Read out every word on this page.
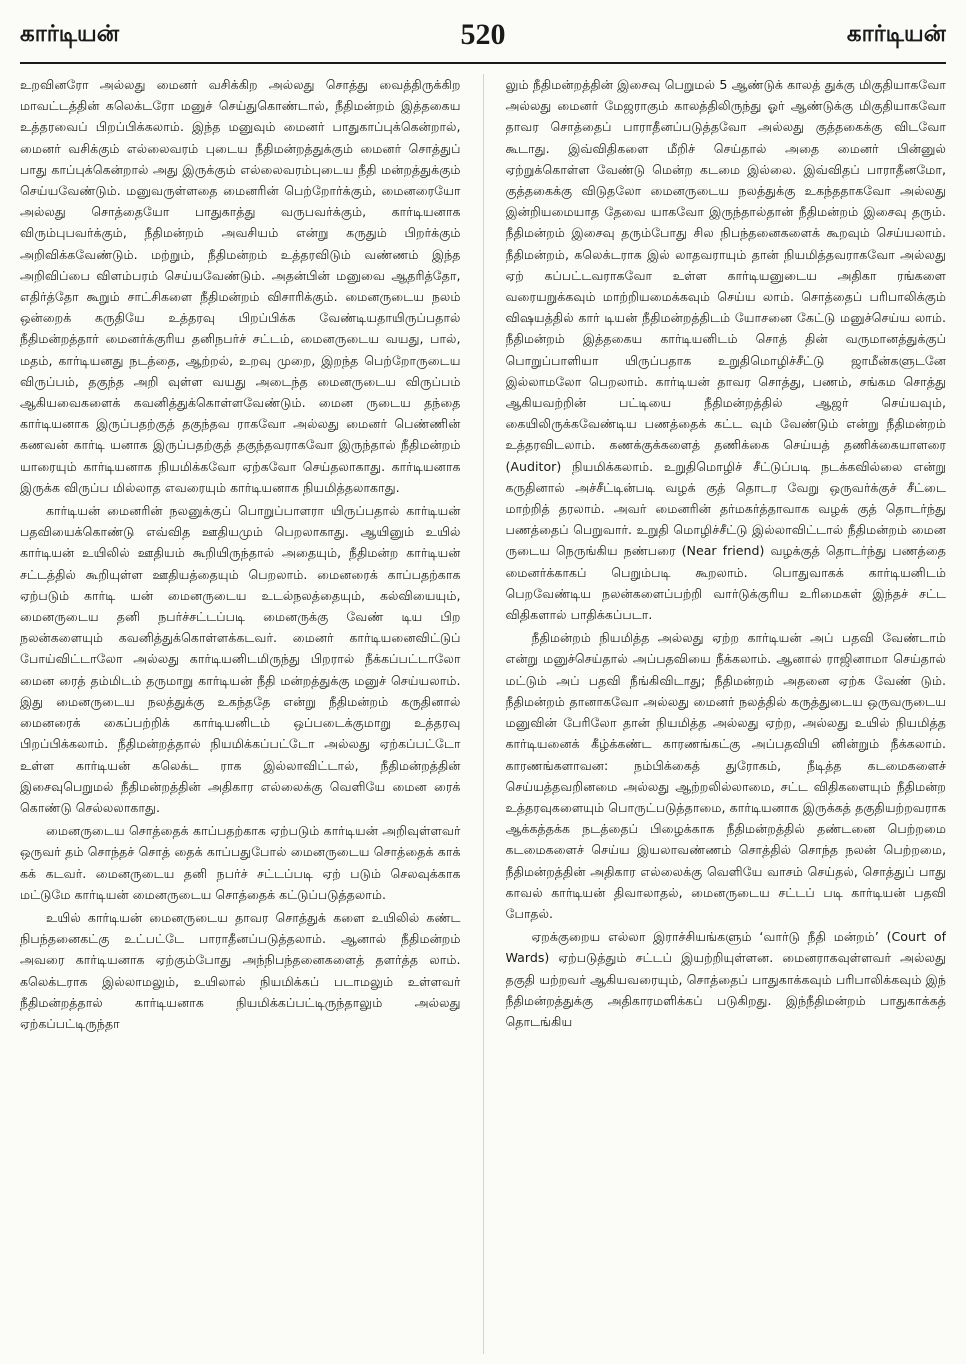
கார்டியன்	520	கார்டியன்

உறவினரோ அல்லது மைனர் வசிக்கிற அல்லது சொத்து வைத்திருக்கிற மாவட்டத்தின் கலெக்டரோ மனுச் செய்துகொண்டால், நீதிமன்றம் இத்தகைய உத்தரவைப் பிறப்பிக்கலாம். இந்த மனுவும் மைனர் பாதுகாப்புக்கென்றால், மைனர் வசிக்கும் எல்லைவரம் புடைய நீதிமன்றத்துக்கும் மைனர் சொத்துப் பாது காப்புக்கென்றால் அது இருக்கும் எல்லைவரம்புடைய நீதி மன்றத்துக்கும் செய்யவேண்டும். மனுவருள்ளதை மைனரின் பெற்றோர்க்கும், மைனரையோ அல்லது சொத்தையோ பாதுகாத்து வருபவர்க்கும், கார்டியனாக விரும்புபவர்க்கும், நீதிமன்றம் அவசியம் என்று கருதும் பிறர்க்கும் அறிவிக்கவேண்டும். மற்றும், நீதிமன்றம் உத்தரவிடும் வண்ணம் இந்த அறிவிப்பை விளம்பரம் செய்யவேண்டும். அதன்பின் மனுவை ஆதரித்தோ, எதிர்த்தோ கூறும் சாட்சிகளை நீதிமன்றம் விசாரிக்கும். மைனருடைய நலம் ஒன்றைக் கருதியே உத்தரவு பிறப்பிக்க வேண்டியதாயிருப்பதால் நீதிமன்றத்தார் மைனர்க்குரிய தனிநபர்ச் சட்டம், மைனருடைய வயது, பால், மதம், கார்டியனது நடத்தை, ஆற்றல், உறவு முறை, இறந்த பெற்றோருடைய விருப்பம், தகுந்த அறி வுள்ள வயது அடைந்த மைனருடைய விருப்பம் ஆகியவைகளைக் கவனித்துக்கொள்ளவேண்டும். மைன ருடைய தந்தை கார்டியனாக இருப்பதற்குத் தகுந்தவ ராகவோ அல்லது மைனர் பெண்ணின் கணவன் கார்டி யனாக இருப்பதற்குத் தகுந்தவராகவோ இருந்தால் நீதிமன்றம் யாரையும் கார்டியனாக நியமிக்கவோ ஏற்கவோ செய்தலாகாது. கார்டியனாக இருக்க விருப்ப மில்லாத எவரையும் கார்டியனாக நியமித்தலாகாது.

கார்டியன் மைனரின் நலனுக்குப் பொறுப்பாளரா யிருப்பதால் கார்டியன் பதவியைக்கொண்டு எவ்வித ஊதியமும் பெறலாகாது. ஆயினும் உயில் கார்டியன் உயிலில் ஊதியம் கூறியிருந்தால் அதையும், நீதிமன்ற கார்டியன் சட்டத்தில் கூறியுள்ள ஊதியத்தையும் பெறலாம். மைனரைக் காப்பதற்காக ஏற்படும் கார்டி யன் மைனருடைய உடல்நலத்தையும், கல்வியையும், மைனருடைய தனி நபர்ச்சட்டப்படி மைனருக்கு வேண் டிய பிற நலன்களையும் கவனித்துக்கொள்ளக்கடவர். மைனர் கார்டியனைவிட்டுப் போய்விட்டாலோ அல்லது கார்டியனிடமிருந்து பிறரால் நீக்கப்பட்டாலோ மைன ரைத் தம்மிடம் தருமாறு கார்டியன் நீதி மன்றத்துக்கு மனுச் செய்யலாம். இது மைனருடைய நலத்துக்கு உகந்ததே என்று நீதிமன்றம் கருதினால் மைனரைக் கைப்பற்றிக் கார்டியனிடம் ஒப்படைக்குமாறு உத்தரவு பிறப்பிக்கலாம். நீதிமன்றத்தால் நியமிக்கப்பட்டோ அல்லது ஏற்கப்பட்டோ உள்ள கார்டியன் கலெக்ட ராக இல்லாவிட்டால், நீதிமன்றத்தின் இசைவுபெறுமல் நீதிமன்றத்தின் அதிகார எல்லைக்கு வெளியே மைன ரைக் கொண்டு செல்லலாகாது.

மைனருடைய சொத்தைக் காப்பதற்காக ஏற்படும் கார்டியன் அறிவுள்ளவர் ஒருவர் தம் சொந்தச் சொத் தைக் காப்பதுபோல் மைனருடைய சொத்தைக் காக் கக் கடவர். மைனருடைய தனி நபர்ச் சட்டப்படி ஏற் படும் செலவுக்காக மட்டுமே கார்டியன் மைனருடைய சொத்தைக் கட்டுப்படுத்தலாம்.

உயில் கார்டியன் மைனருடைய தாவர சொத்துக் களை உயிலில் கண்ட நிபந்தனைகட்கு உட்பட்டே பாராதீனப்படுத்தலாம். ஆனால் நீதிமன்றம் அவரை கார்டியனாக ஏற்கும்போது அந்நிபந்தனைகளைத் தளர்த்த லாம். கலெக்டராக இல்லாமலும், உயிலால் நியமிக்கப் படாமலும் உள்ளவர் நீதிமன்றத்தால் கார்டியனாக நியமிக்கப்பட்டிருந்தாலும் அல்லது ஏற்கப்பட்டிருந்தா

லும் நீதிமன்றத்தின் இசைவு பெறுமல் 5 ஆண்டுக் காலத் துக்கு மிகுதியாகவோ அல்லது மைனர் மேஜராகும் காலத்திலிருந்து ஓர் ஆண்டுக்கு மிகுதியாகவோ தாவர சொத்தைப் பாராதீனப்படுத்தவோ அல்லது குத்தகைக்கு விடவோ கூடாது. இவ்விதிகளை மீறிச் செய்தால் அதை மைனர் பின்னுல் ஏற்றுக்கொள்ள வேண்டு மென்ற கடமை இல்லை. இவ்விதப் பாராதீனமோ, குத்தகைக்கு விடுதலோ மைனருடைய நலத்துக்கு உகந்ததாகவோ அல்லது இன்றியமையாத தேவை யாகவோ இருந்தால்தான் நீதிமன்றம் இசைவு தரும். நீதிமன்றம் இசைவு தரும்போது சில நிபந்தனைகளைக் கூறவும் செய்யலாம். நீதிமன்றம், கலெக்டராக இல் லாதவராயும் தான் நியமித்தவராகவோ அல்லது ஏற் கப்பட்டவராகவோ உள்ள கார்டியனுடைய அதிகா ரங்களை வரையறுக்கவும் மாற்றியமைக்கவும் செய்ய லாம். சொத்தைப் பரிபாலிக்கும் விஷயத்தில் கார் டியன் நீதிமன்றத்திடம் யோசனை கேட்டு மனுச்செய்ய லாம். நீதிமன்றம் இத்தகைய கார்டியனிடம் சொத் தின் வருமானத்துக்குப் பொறுப்பாளியா யிருப்பதாக உறுதிமொழிச்சீட்டு ஜாமீன்களுடனே இல்லாமலோ பெறலாம். கார்டியன் தாவர சொத்து, பணம், சங்கம சொத்து ஆகியவற்றின் பட்டியை நீதிமன்றத்தில் ஆஜர் செய்யவும், கையிலிருக்கவேண்டிய பணத்தைக் கட்ட வும் வேண்டும் என்று நீதிமன்றம் உத்தரவிடலாம். கணக்குக்களைத் தணிக்கை செய்யத் தணிக்கையாளரை (Auditor) நியமிக்கலாம். உறுதிமொழிச் சீட்டுப்படி நடக்கவில்லை என்று கருதினால் அச்சீட்டின்படி வழக் குத் தொடர வேறு ஒருவர்க்குச் சீட்டை மாற்றித் தரலாம். அவர் மைனரின் தர்மகர்த்தாவாக வழக் குத் தொடர்ந்து பணத்தைப் பெறுவார். உறுதி மொழிச்சீட்டு இல்லாவிட்டால் நீதிமன்றம் மைன ருடைய நெருங்கிய நண்பரை (Near friend) வழக்குத் தொடர்ந்து பணத்தை மைனர்க்காகப் பெறும்படி கூறலாம். பொதுவாகக் கார்டியனிடம் பெறவேண்டிய நலன்களைப்பற்றி வார்டுக்குரிய உரிமைகள் இந்தச் சட்ட விதிகளால் பாதிக்கப்படா.

நீதிமன்றம் நியமித்த அல்லது ஏற்ற கார்டியன் அப் பதவி வேண்டாம் என்று மனுச்செய்தால் அப்பதவியை நீக்கலாம். ஆனால் ராஜினாமா செய்தால் மட்டும் அப் பதவி நீங்கிவிடாது; நீதிமன்றம் அதனை ஏற்க வேண் டும். நீதிமன்றம் தானாகவோ அல்லது மைனர் நலத்தில் கருத்துடைய ஒருவருடைய மனுவின் பேரிலோ தான் நியமித்த அல்லது ஏற்ற, அல்லது உயில் நியமித்த கார்டியனைக் கீழ்க்கண்ட காரணங்கட்கு அப்பதவியி னின்றும் நீக்கலாம். காரணங்களாவன: நம்பிக்கைத் துரோகம், நீடித்த கடமைகளைச் செய்யத்தவறினமை அல்லது ஆற்றலில்லாமை, சட்ட விதிகளையும் நீதிமன்ற உத்தரவுகளையும் பொருட்படுத்தாமை, கார்டியனாக இருக்கத் தகுதியற்றவராக ஆக்கத்தக்க நடத்தைப் பிழைக்காக நீதிமன்றத்தில் தண்டனை பெற்றமை கடமைகளைச் செய்ய இயலாவண்ணம் சொத்தில் சொந்த நலன் பெற்றமை, நீதிமன்றத்தின் அதிகார எல்லைக்கு வெளியே வாசம் செய்தல், சொத்துப் பாது காவல் கார்டியன் திவாலாதல், மைனருடைய சட்டப் படி கார்டியன் பதவி போதல்.

ஏறக்குறைய எல்லா இராச்சியங்களும் ‘வார்டு நீதி மன்றம்’ (Court of Wards) ஏற்படுத்தும் சட்டப் இயற்றியுள்ளன. மைனராகவுள்ளவர் அல்லது தகுதி யற்றவர் ஆகியவரையும், சொத்தைப் பாதுகாக்கவும் பரிபாலிக்கவும் இந் நீதிமன்றத்துக்கு அதிகாரமளிக்கப் படுகிறது. இந்நீதிமன்றம் பாதுகாக்கத் தொடங்கிய
